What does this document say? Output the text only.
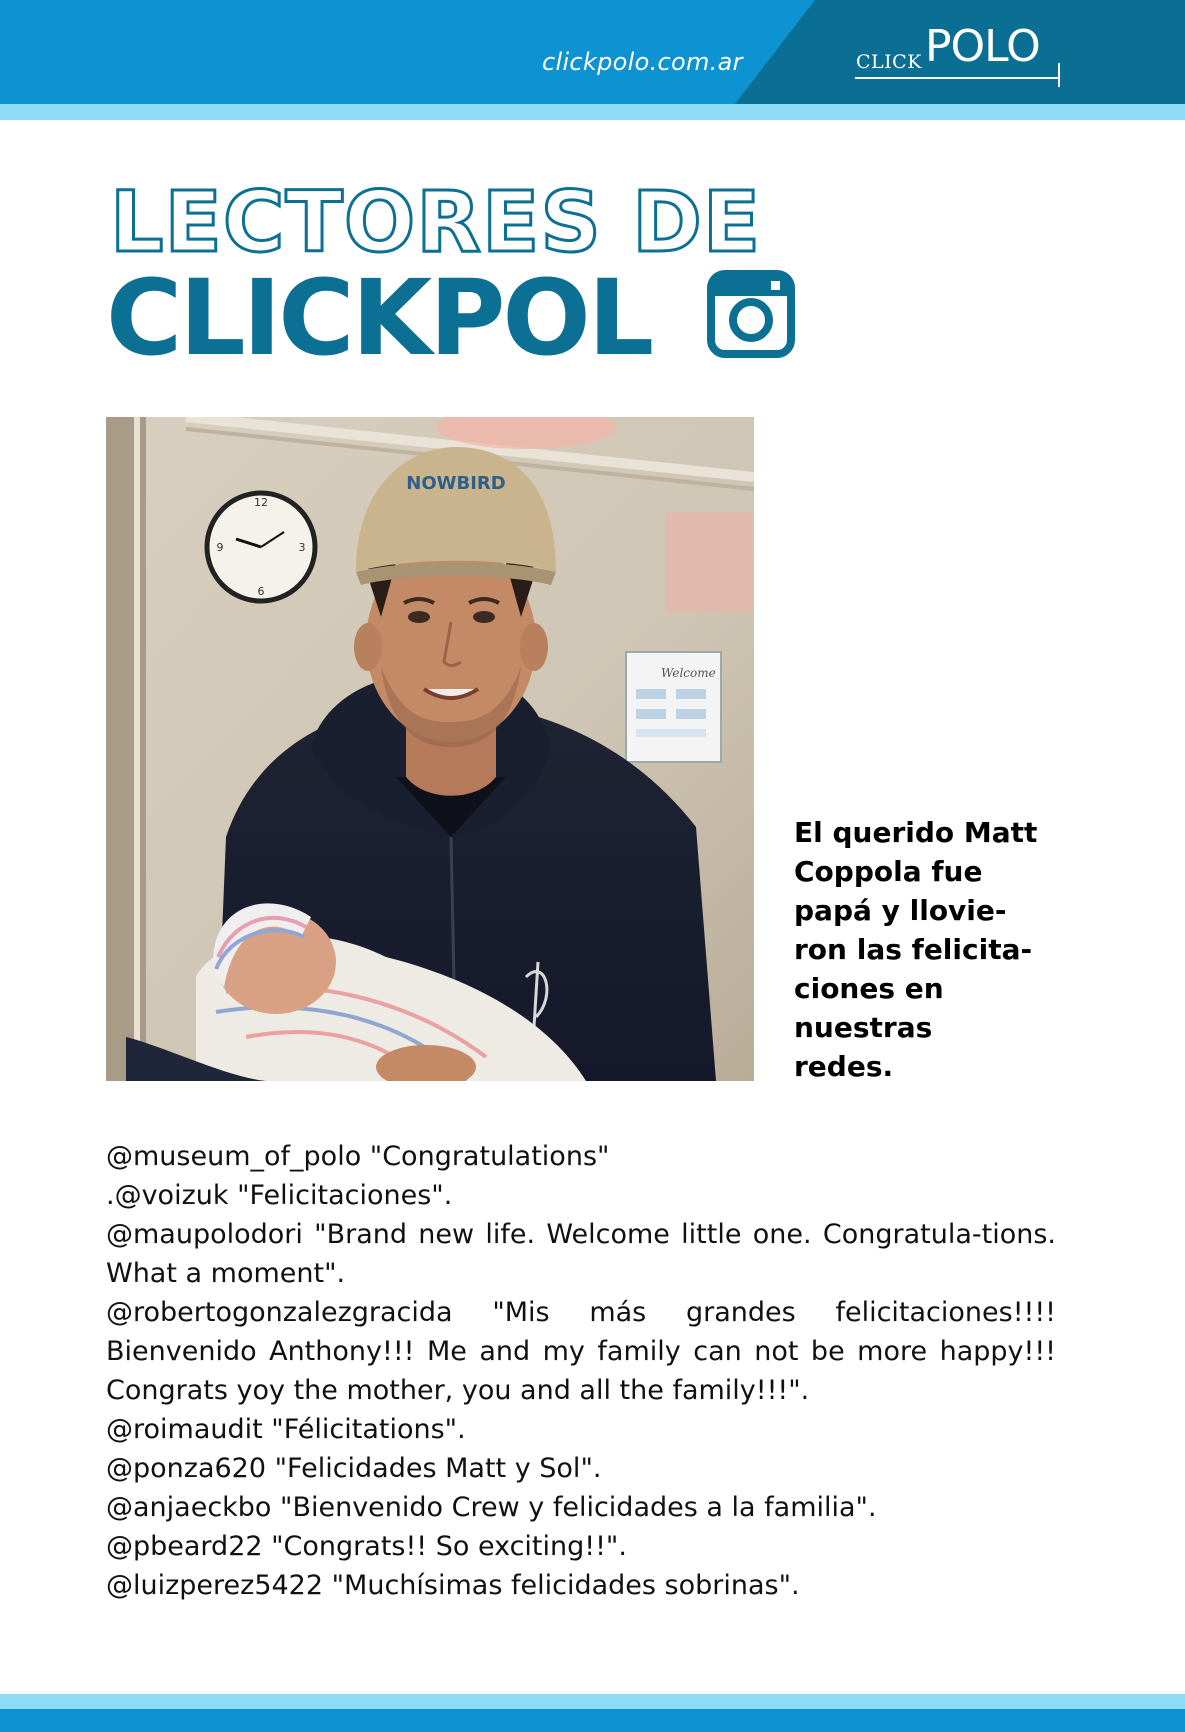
clickpolo.com.ar	CLICK POLO
LECTORES DE
CLICKPOL
12
3
6
9
Welcome
NOWBIRD
El querido Matt
Coppola fue
papá y llovie-
ron las felicita-
ciones en
nuestras
redes.
@museum_of_polo "Congratulations"
.@voizuk "Felicitaciones".
@maupolodori "Brand new life. Welcome little one. Congratula-tions. What a moment".
@robertogonzalezgracida "Mis más grandes felicitaciones!!!! Bienvenido Anthony!!! Me and my family can not be more happy!!! Congrats yoy the mother, you and all the family!!!".
@roimaudit "Félicitations".
@ponza620 "Felicidades Matt y Sol".
@anjaeckbo "Bienvenido Crew y felicidades a la familia".
@pbeard22 "Congrats!! So exciting!!".
@luizperez5422 "Muchísimas felicidades sobrinas".
